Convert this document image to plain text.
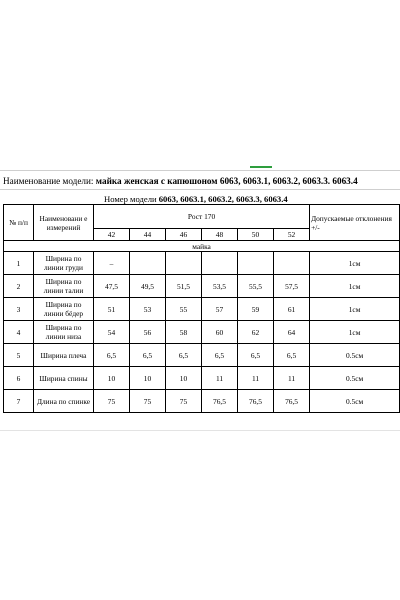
Наименование модели: майка женская с капюшоном 6063, 6063.1, 6063.2, 6063.3. 6063.4
Номер модели 6063, 6063.1, 6063.2, 6063.3, 6063.4
№ п/п	Наименовани е измерений	Рост 170						Допускаемые отклонения +/-
		42	44	46	48	50	52	
майка								
1	Ширина по линии груди	–						1см
2	Ширина по линии талии	47,5	49,5	51,5	53,5	55,5	57,5	1см
3	Ширина по линии бёдер	51	53	55	57	59	61	1см
4	Ширина по линии низа	54	56	58	60	62	64	1см
5	Ширина плеча	6,5	6,5	6,5	6,5	6,5	6,5	0.5см
6	Ширина спины	10	10	10	11	11	11	0.5см
7	Длина по спинке	75	75	75	76,5	76,5	76,5	0.5см
